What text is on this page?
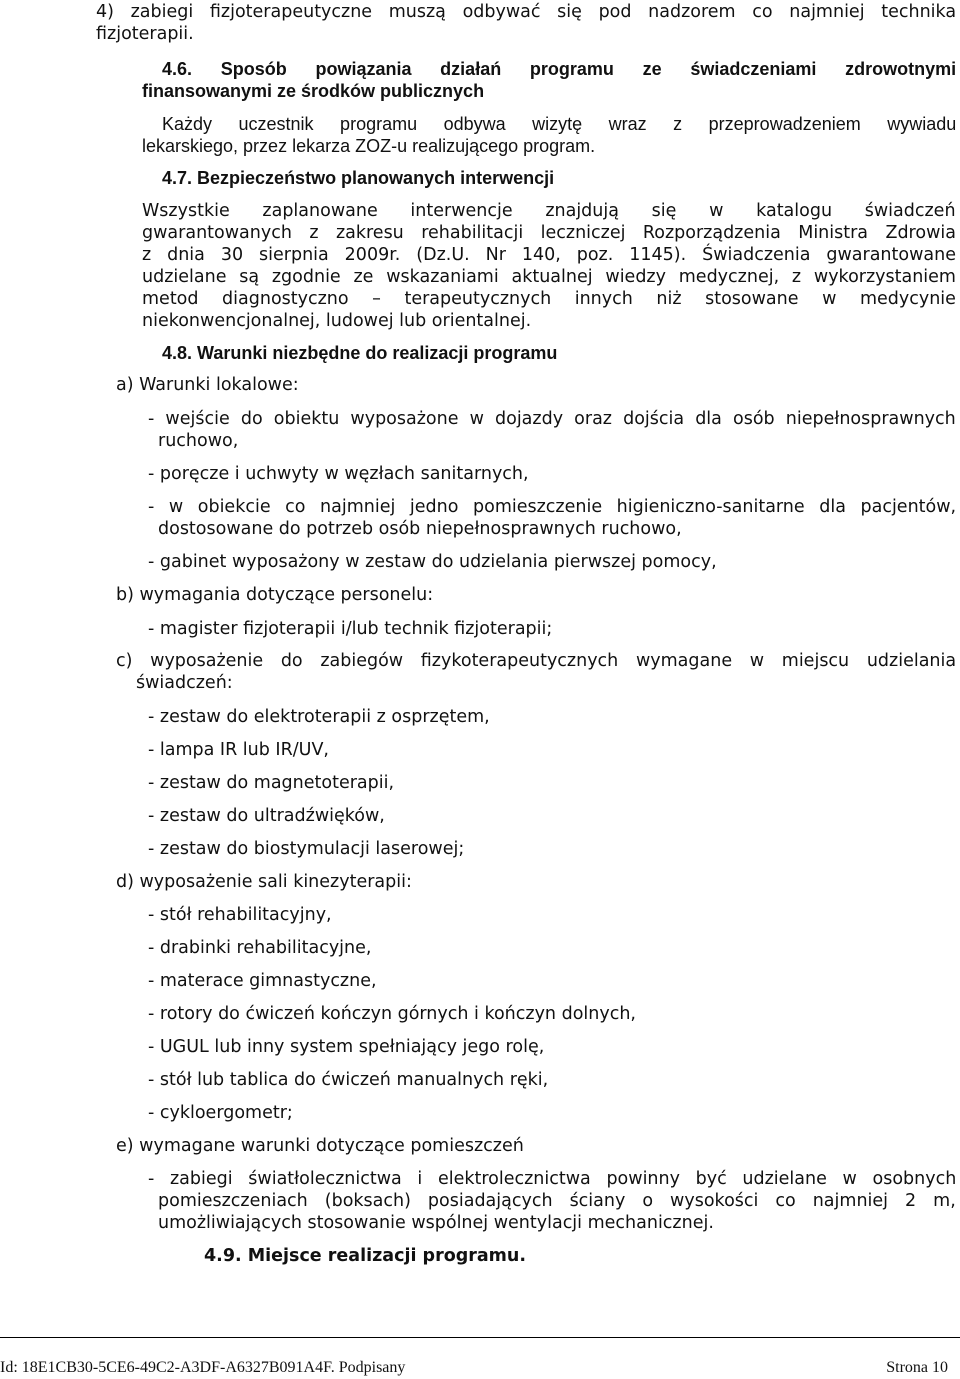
4) zabiegi fizjoterapeutyczne muszą odbywać się pod nadzorem co najmniej technika
fizjoterapii.
4.6. Sposób powiązania działań programu ze świadczeniami zdrowotnymi
finansowanymi ze środków publicznych
Każdy uczestnik programu odbywa wizytę wraz z przeprowadzeniem wywiadu
lekarskiego, przez lekarza ZOZ-u realizującego program.
4.7. Bezpieczeństwo planowanych interwencji
Wszystkie zaplanowane interwencje znajdują się w katalogu świadczeń
gwarantowanych z zakresu rehabilitacji leczniczej Rozporządzenia Ministra Zdrowia
z dnia 30 sierpnia 2009r. (Dz.U. Nr 140, poz. 1145). Świadczenia gwarantowane
udzielane są zgodnie ze wskazaniami aktualnej wiedzy medycznej, z wykorzystaniem
metod diagnostyczno – terapeutycznych innych niż stosowane w medycynie
niekonwencjonalnej, ludowej lub orientalnej.
4.8. Warunki niezbędne do realizacji programu
a) Warunki lokalowe:
- wejście do obiektu wyposażone w dojazdy oraz dojścia dla osób niepełnosprawnych
ruchowo,
- poręcze i uchwyty w węzłach sanitarnych,
- w obiekcie co najmniej jedno pomieszczenie higieniczno-sanitarne dla pacjentów,
dostosowane do potrzeb osób niepełnosprawnych ruchowo,
- gabinet wyposażony w zestaw do udzielania pierwszej pomocy,
b) wymagania dotyczące personelu:
- magister fizjoterapii i/lub technik fizjoterapii;
c) wyposażenie do zabiegów fizykoterapeutycznych wymagane w miejscu udzielania
świadczeń:
- zestaw do elektroterapii z osprzętem,
- lampa IR lub IR/UV,
- zestaw do magnetoterapii,
- zestaw do ultradźwięków,
- zestaw do biostymulacji laserowej;
d) wyposażenie sali kinezyterapii:
- stół rehabilitacyjny,
- drabinki rehabilitacyjne,
- materace gimnastyczne,
- rotory do ćwiczeń kończyn górnych i kończyn dolnych,
- UGUL lub inny system spełniający jego rolę,
- stół lub tablica do ćwiczeń manualnych ręki,
- cykloergometr;
e) wymagane warunki dotyczące pomieszczeń
- zabiegi światłolecznictwa i elektrolecznictwa powinny być udzielane w osobnych
pomieszczeniach (boksach) posiadających ściany o wysokości co najmniej 2 m,
umożliwiających stosowanie wspólnej wentylacji mechanicznej.
4.9. Miejsce realizacji programu.
Id: 18E1CB30-5CE6-49C2-A3DF-A6327B091A4F. Podpisany	Strona 10
